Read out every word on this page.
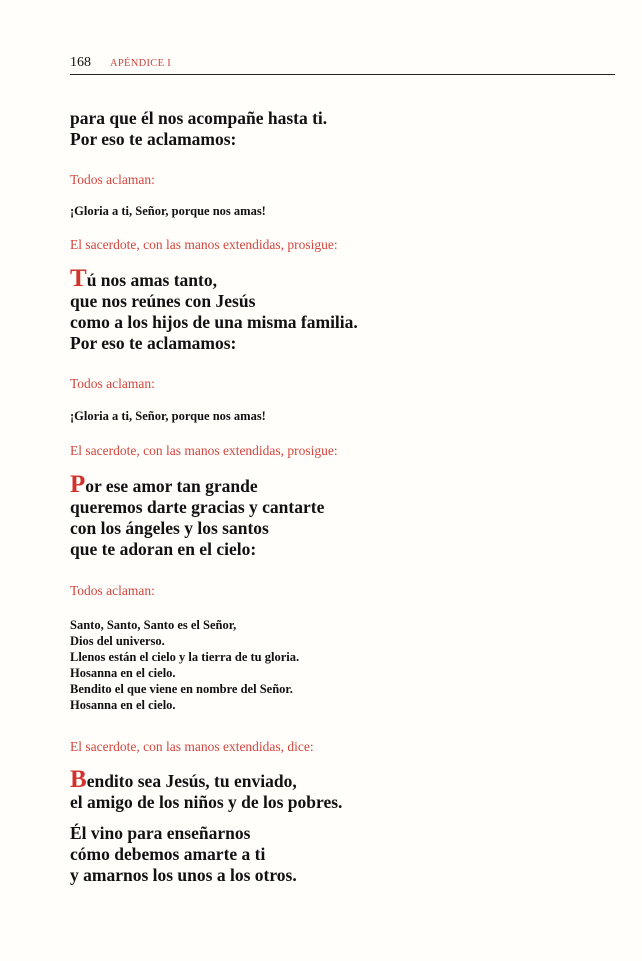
168 APÉNDICE I
para que él nos acompañe hasta ti.
Por eso te aclamamos:
Todos aclaman:
¡Gloria a ti, Señor, porque nos amas!
El sacerdote, con las manos extendidas, prosigue:
Tú nos amas tanto,
que nos reúnes con Jesús
como a los hijos de una misma familia.
Por eso te aclamamos:
Todos aclaman:
¡Gloria a ti, Señor, porque nos amas!
El sacerdote, con las manos extendidas, prosigue:
Por ese amor tan grande
queremos darte gracias y cantarte
con los ángeles y los santos
que te adoran en el cielo:
Todos aclaman:
Santo, Santo, Santo es el Señor,
Dios del universo.
Llenos están el cielo y la tierra de tu gloria.
Hosanna en el cielo.
Bendito el que viene en nombre del Señor.
Hosanna en el cielo.
El sacerdote, con las manos extendidas, dice:
Bendito sea Jesús, tu enviado,
el amigo de los niños y de los pobres.
Él vino para enseñarnos
cómo debemos amarte a ti
y amarnos los unos a los otros.
